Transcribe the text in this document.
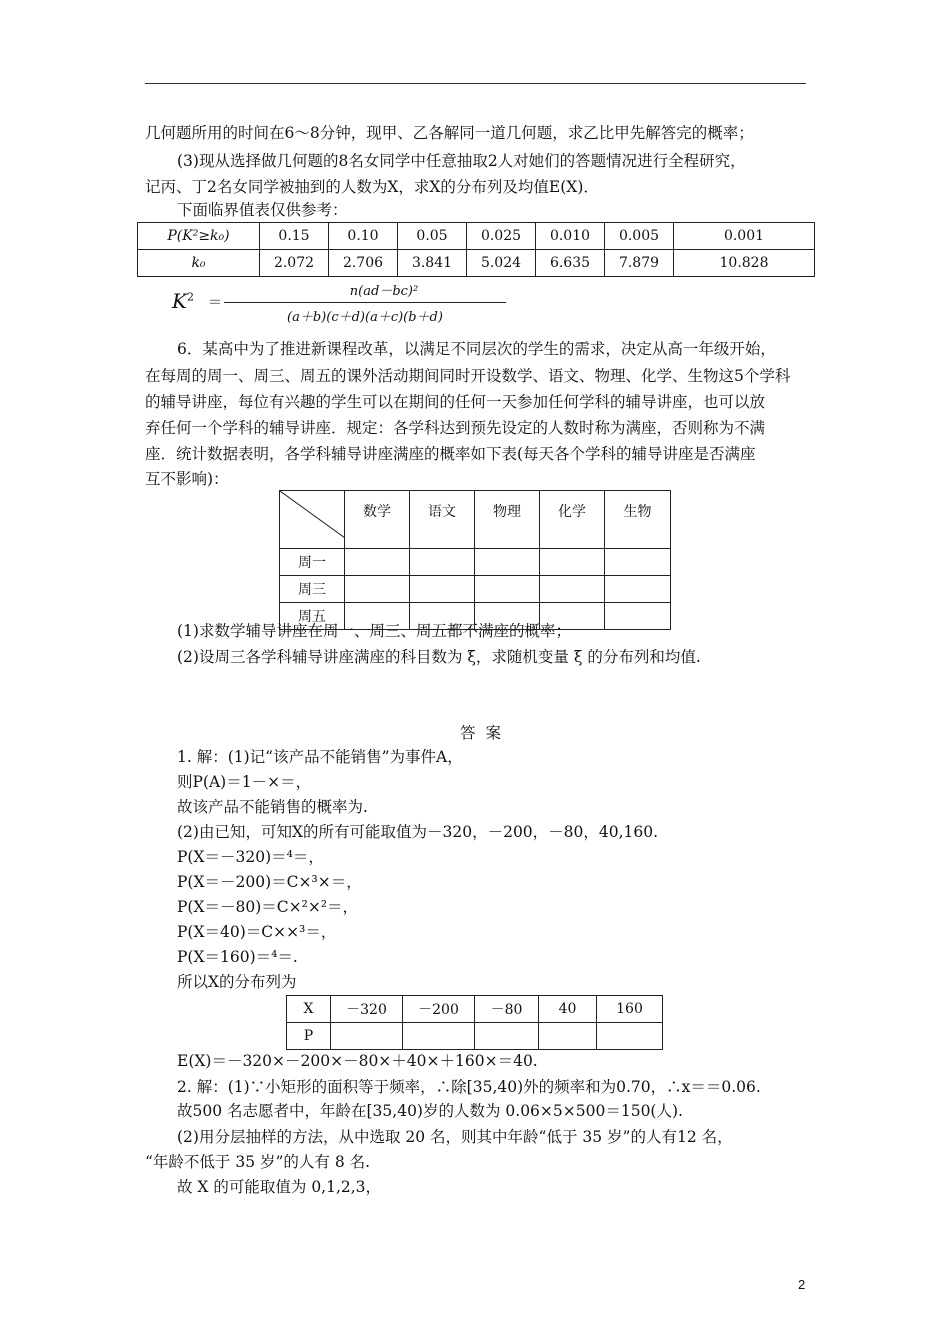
几何题所用的时间在6～8分钟，现甲、乙各解同一道几何题，求乙比甲先解答完的概率；
(3)现从选择做几何题的8名女同学中任意抽取2人对她们的答题情况进行全程研究，
记丙、丁2名女同学被抽到的人数为X，求X的分布列及均值E(X)．
下面临界值表仅供参考：
P(K²≥k₀)	0.15	0.10	0.05	0.025	0.010	0.005	0.001
k₀	2.072	2.706	3.841	5.024	6.635	7.879	10.828
$K^2$ ＝
n(ad－bc)²
(a＋b)(c＋d)(a＋c)(b＋d)
6．某高中为了推进新课程改革，以满足不同层次的学生的需求，决定从高一年级开始，
在每周的周一、周三、周五的课外活动期间同时开设数学、语文、物理、化学、生物这5个学科
的辅导讲座，每位有兴趣的学生可以在期间的任何一天参加任何学科的辅导讲座，也可以放
弃任何一个学科的辅导讲座．规定：各学科达到预先设定的人数时称为满座，否则称为不满
座．统计数据表明，各学科辅导讲座满座的概率如下表(每天各个学科的辅导讲座是否满座
互不影响)：
	数学	语文	物理	化学	生物
周一					
周三					
周五					
(1)求数学辅导讲座在周一、周三、周五都不满座的概率；
(2)设周三各学科辅导讲座满座的科目数为 ξ，求随机变量 ξ 的分布列和均值.
答案
1. 解：(1)记“该产品不能销售”为事件A，
则P(A)＝1－×＝，
故该产品不能销售的概率为.
(2)由已知，可知X的所有可能取值为－320，－200，－80，40,160.
P(X＝－320)＝⁴＝，
P(X＝－200)＝C×³×＝，
P(X＝－80)＝C×²×²＝，
P(X＝40)＝C××³＝，
P(X＝160)＝⁴＝.
所以X的分布列为
X	－320	－200	－80	40	160
P					
E(X)＝－320×－200×－80×＋40×＋160×＝40.
2. 解：(1)∵小矩形的面积等于频率，∴除[35,40)外的频率和为0.70，∴x＝＝0.06.
故500 名志愿者中，年龄在[35,40)岁的人数为 0.06×5×500＝150(人).
(2)用分层抽样的方法，从中选取 20 名，则其中年龄“低于 35 岁”的人有12 名，
“年龄不低于 35 岁”的人有 8 名.
故 X 的可能取值为 0,1,2,3，
2
